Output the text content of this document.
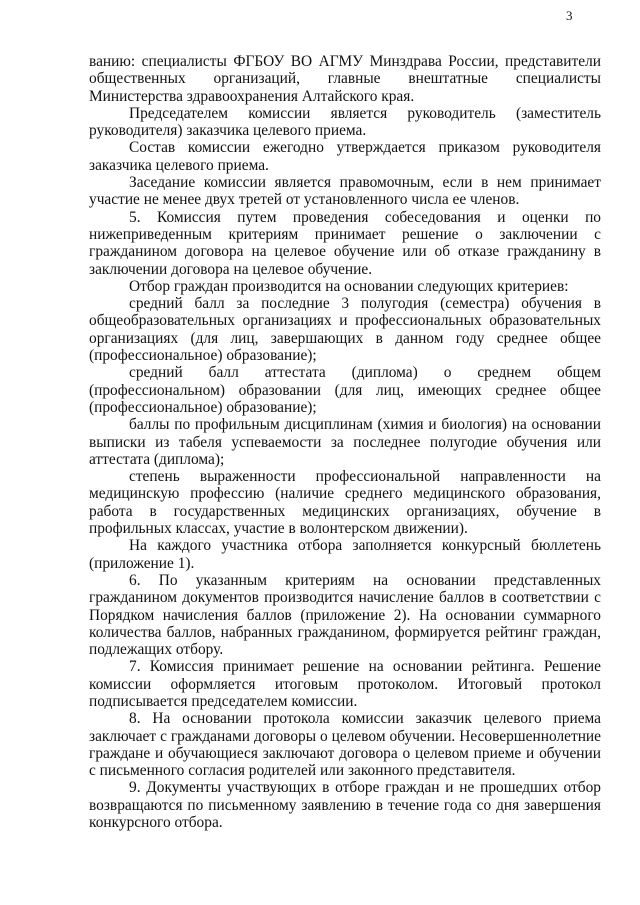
3

ванию: специалисты ФГБОУ ВО АГМУ Минздрава России, представители общественных организаций, главные внештатные специалисты Министерства здравоохранения Алтайского края.

Председателем комиссии является руководитель (заместитель руководителя) заказчика целевого приема.

Состав комиссии ежегодно утверждается приказом руководителя заказчика целевого приема.

Заседание комиссии является правомочным, если в нем принимает участие не менее двух третей от установленного числа ее членов.

5. Комиссия путем проведения собеседования и оценки по нижеприведенным критериям принимает решение о заключении с гражданином договора на целевое обучение или об отказе гражданину в заключении договора на целевое обучение.

Отбор граждан производится на основании следующих критериев:

средний балл за последние 3 полугодия (семестра) обучения в общеобразовательных организациях и профессиональных образовательных организациях (для лиц, завершающих в данном году среднее общее (профессиональное) образование);

средний балл аттестата (диплома) о среднем общем (профессиональном) образовании (для лиц, имеющих среднее общее (профессиональное) образование);

баллы по профильным дисциплинам (химия и биология) на основании выписки из табеля успеваемости за последнее полугодие обучения или аттестата (диплома);

степень выраженности профессиональной направленности на медицинскую профессию (наличие среднего медицинского образования, работа в государственных медицинских организациях, обучение в профильных классах, участие в волонтерском движении).

На каждого участника отбора заполняется конкурсный бюллетень (приложение 1).

6. По указанным критериям на основании представленных гражданином документов производится начисление баллов в соответствии с Порядком начисления баллов (приложение 2). На основании суммарного количества баллов, набранных гражданином, формируется рейтинг граждан, подлежащих отбору.

7. Комиссия принимает решение на основании рейтинга. Решение комиссии оформляется итоговым протоколом. Итоговый протокол подписывается председателем комиссии.

8. На основании протокола комиссии заказчик целевого приема заключает с гражданами договоры о целевом обучении. Несовершеннолетние граждане и обучающиеся заключают договора о целевом приеме и обучении с письменного согласия родителей или законного представителя.

9. Документы участвующих в отборе граждан и не прошедших отбор возвращаются по письменному заявлению в течение года со дня завершения конкурсного отбора.
